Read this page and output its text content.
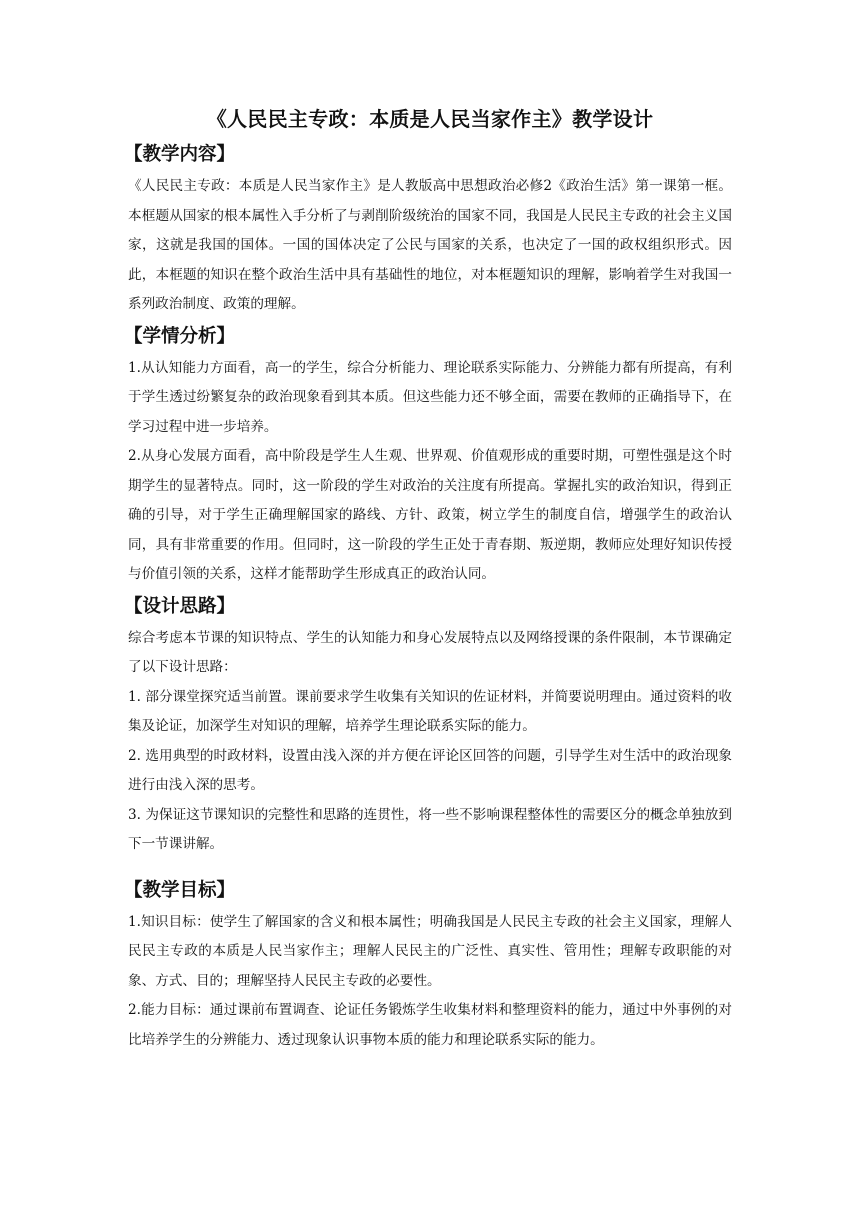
《人民民主专政：本质是人民当家作主》教学设计
【教学内容】

《人民民主专政：本质是人民当家作主》是人教版高中思想政治必修2《政治生活》第一课第一框。本框题从国家的根本属性入手分析了与剥削阶级统治的国家不同，我国是人民民主专政的社会主义国家，这就是我国的国体。一国的国体决定了公民与国家的关系，也决定了一国的政权组织形式。因此，本框题的知识在整个政治生活中具有基础性的地位，对本框题知识的理解，影响着学生对我国一系列政治制度、政策的理解。

【学情分析】

1.从认知能力方面看，高一的学生，综合分析能力、理论联系实际能力、分辨能力都有所提高，有利于学生透过纷繁复杂的政治现象看到其本质。但这些能力还不够全面，需要在教师的正确指导下，在学习过程中进一步培养。

2.从身心发展方面看，高中阶段是学生人生观、世界观、价值观形成的重要时期，可塑性强是这个时期学生的显著特点。同时，这一阶段的学生对政治的关注度有所提高。掌握扎实的政治知识，得到正确的引导，对于学生正确理解国家的路线、方针、政策，树立学生的制度自信，增强学生的政治认同，具有非常重要的作用。但同时，这一阶段的学生正处于青春期、叛逆期，教师应处理好知识传授与价值引领的关系，这样才能帮助学生形成真正的政治认同。

【设计思路】

综合考虑本节课的知识特点、学生的认知能力和身心发展特点以及网络授课的条件限制，本节课确定了以下设计思路：

1. 部分课堂探究适当前置。课前要求学生收集有关知识的佐证材料，并简要说明理由。通过资料的收集及论证，加深学生对知识的理解，培养学生理论联系实际的能力。

2. 选用典型的时政材料，设置由浅入深的并方便在评论区回答的问题，引导学生对生活中的政治现象进行由浅入深的思考。

3. 为保证这节课知识的完整性和思路的连贯性，将一些不影响课程整体性的需要区分的概念单独放到下一节课讲解。

【教学目标】

1.知识目标：使学生了解国家的含义和根本属性；明确我国是人民民主专政的社会主义国家，理解人民民主专政的本质是人民当家作主；理解人民民主的广泛性、真实性、管用性；理解专政职能的对象、方式、目的；理解坚持人民民主专政的必要性。

2.能力目标：通过课前布置调查、论证任务锻炼学生收集材料和整理资料的能力，通过中外事例的对比培养学生的分辨能力、透过现象认识事物本质的能力和理论联系实际的能力。
